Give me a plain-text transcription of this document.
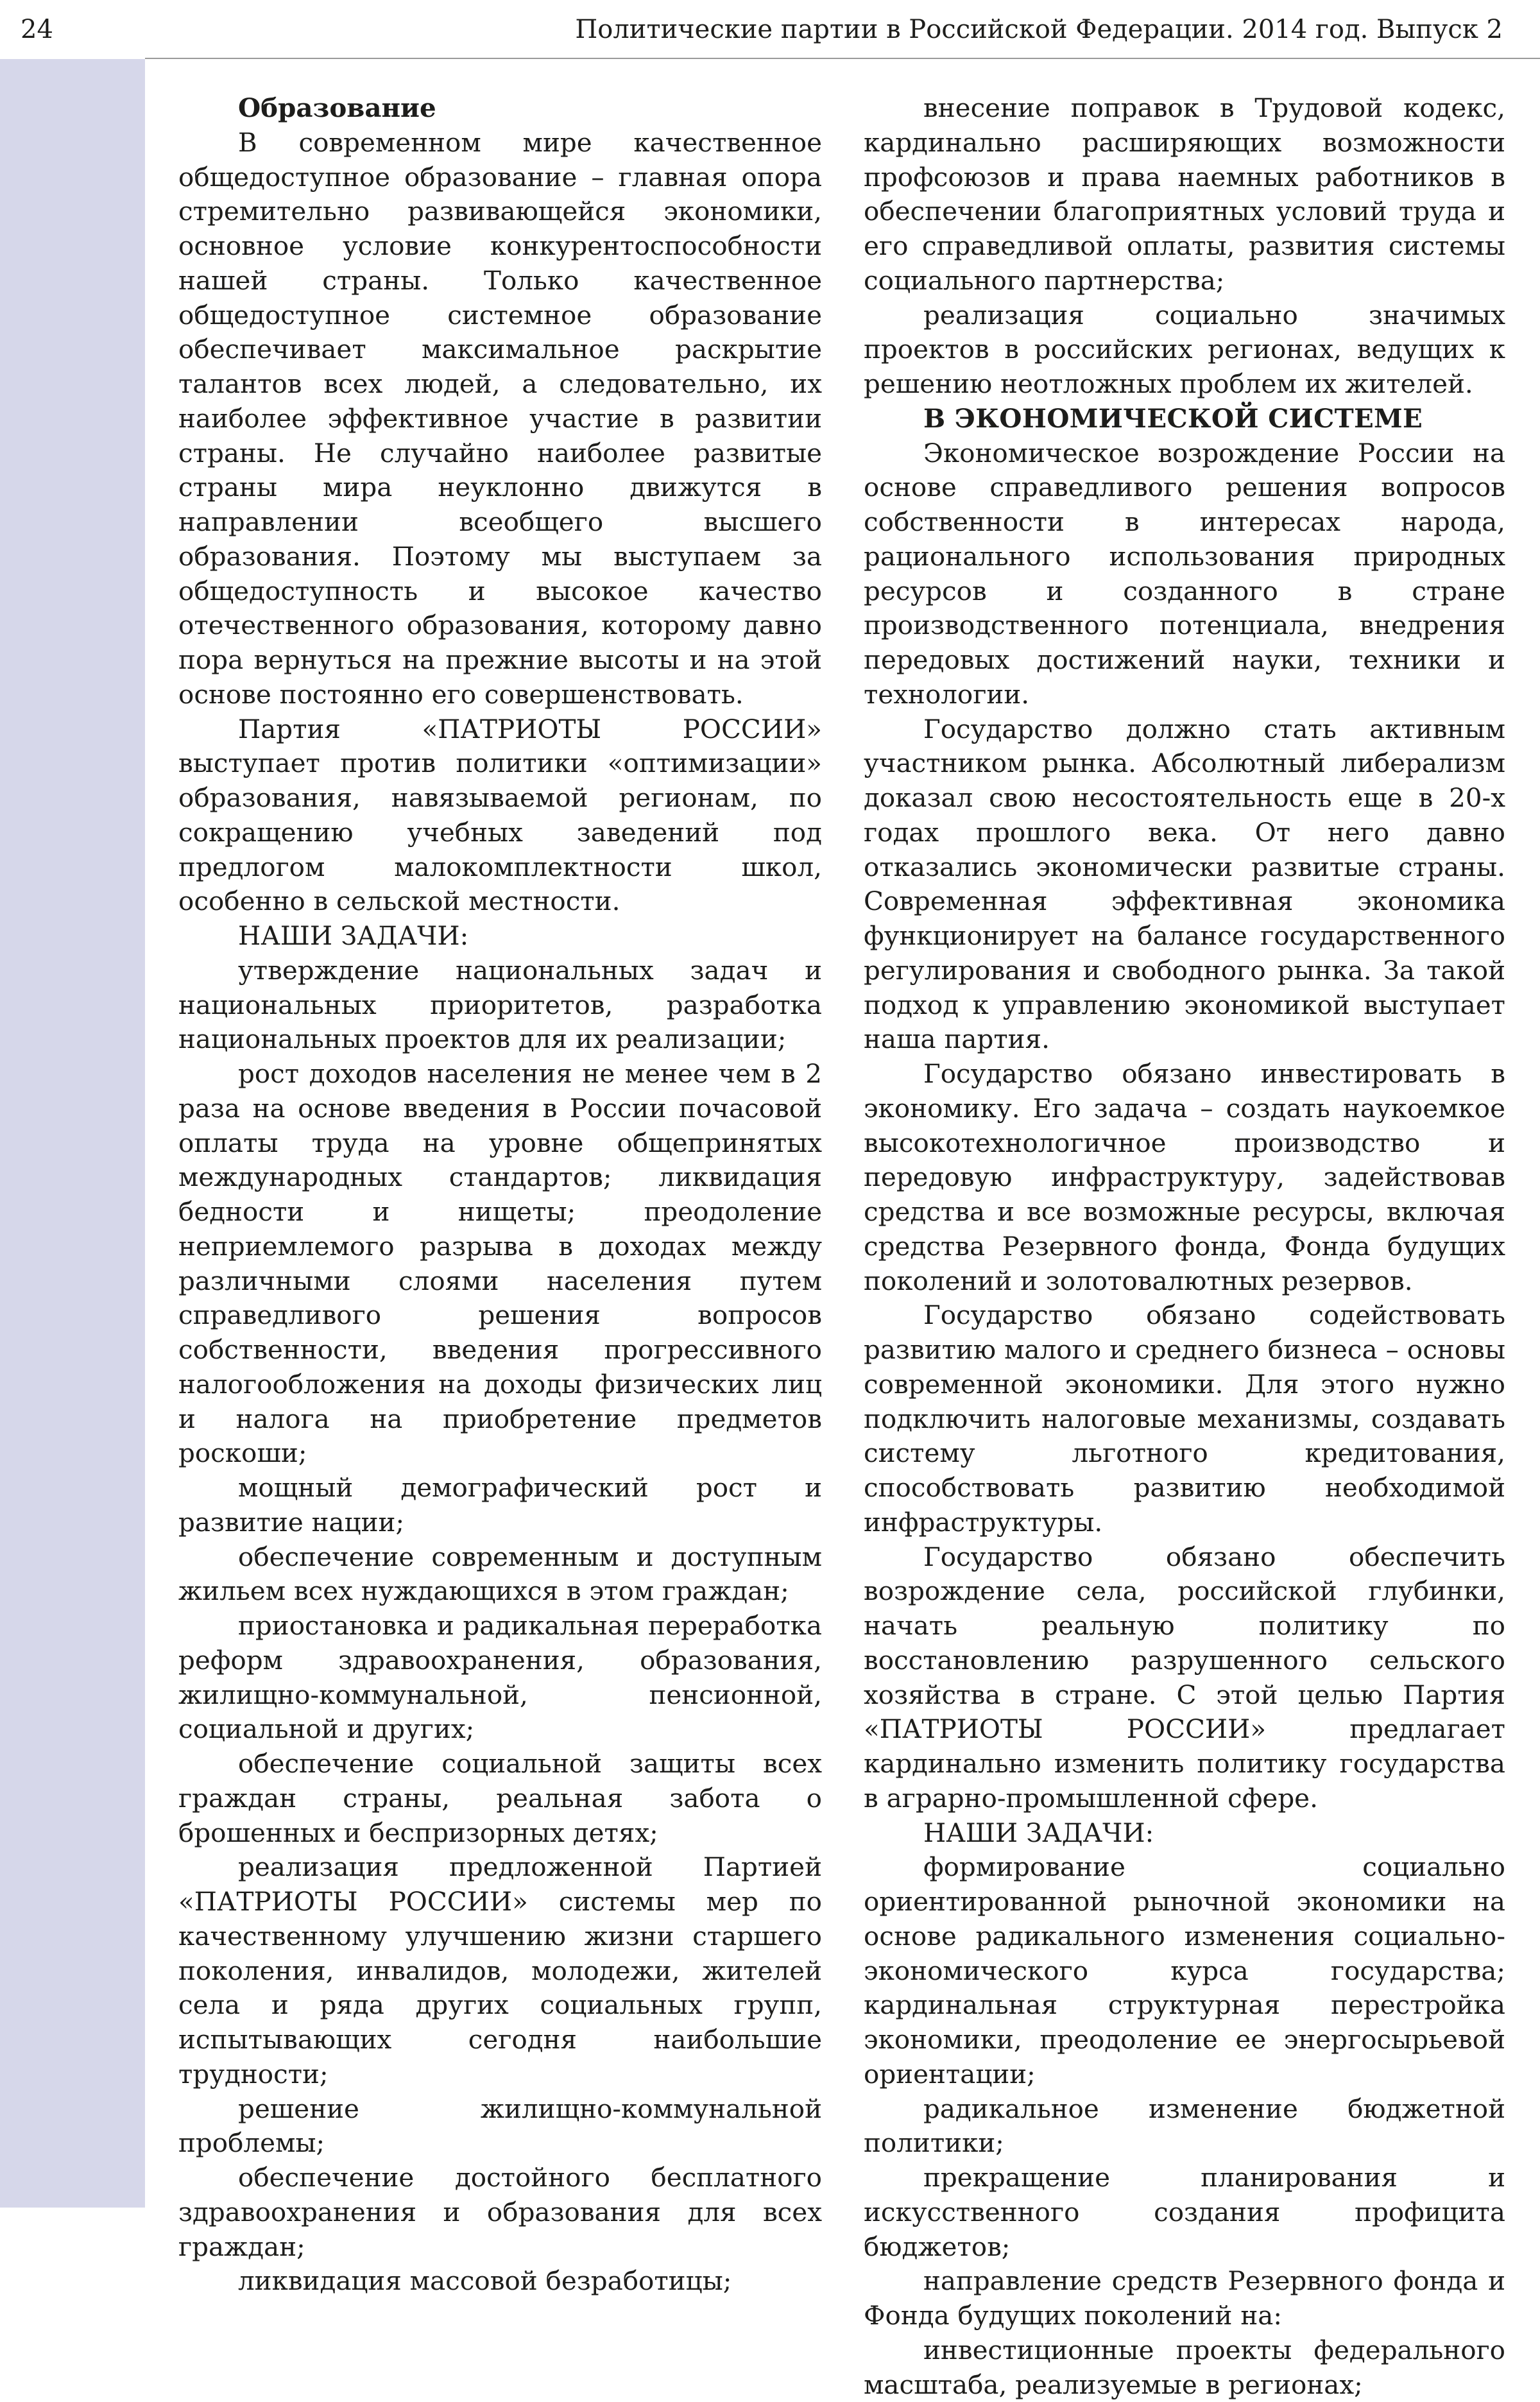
24	Политические партии в Российской Федерации. 2014 год. Выпуск 2
Образование

В современном мире качественное общедоступное образование – главная опора стремительно развивающейся экономики, основное условие конкурентоспособности нашей страны. Только качественное общедоступное системное образование обеспечивает максимальное раскрытие талантов всех людей, а следовательно, их наиболее эффективное участие в развитии страны. Не случайно наиболее развитые страны мира неуклонно движутся в направлении всеобщего высшего образования. Поэтому мы выступаем за общедоступность и высокое качество отечественного образования, которому давно пора вернуться на прежние высоты и на этой основе постоянно его совершенствовать.

Партия «ПАТРИОТЫ РОССИИ» выступает против политики «оптимизации» образования, навязываемой регионам, по сокращению учебных заведений под предлогом малокомплектности школ, особенно в сельской местности.

НАШИ ЗАДАЧИ:

утверждение национальных задач и национальных приоритетов, разработка национальных проектов для их реализации;

рост доходов населения не менее чем в 2 раза на основе введения в России почасовой оплаты труда на уровне общепринятых международных стандартов; ликвидация бедности и нищеты; преодоление неприемлемого разрыва в доходах между различными слоями населения путем справедливого решения вопросов собственности, введения прогрессивного налогообложения на доходы физических лиц и налога на приобретение предметов роскоши;

мощный демографический рост и развитие нации;

обеспечение современным и доступным жильем всех нуждающихся в этом граждан;

приостановка и радикальная переработка реформ здравоохранения, образования, жилищно-коммунальной, пенсионной, социальной и других;

обеспечение социальной защиты всех граждан страны, реальная забота о брошенных и беспризорных детях;

реализация предложенной Партией «ПАТРИОТЫ РОССИИ» системы мер по качественному улучшению жизни старшего поколения, инвалидов, молодежи, жителей села и ряда других социальных групп, испытывающих сегодня наибольшие трудности;

решение жилищно-коммунальной проблемы;

обеспечение достойного бесплатного здравоохранения и образования для всех граждан;

ликвидация массовой безработицы;

внесение поправок в Трудовой кодекс, кардинально расширяющих возможности профсоюзов и права наемных работников в обеспечении благоприятных условий труда и его справедливой оплаты, развития системы социального партнерства;

реализация социально значимых проектов в российских регионах, ведущих к решению неотложных проблем их жителей.

В ЭКОНОМИЧЕСКОЙ СИСТЕМЕ

Экономическое возрождение России на основе справедливого решения вопросов собственности в интересах народа, рационального использования природных ресурсов и созданного в стране производственного потенциала, внедрения передовых достижений науки, техники и технологии.

Государство должно стать активным участником рынка. Абсолютный либерализм доказал свою несостоятельность еще в 20-х годах прошлого века. От него давно отказались экономически развитые страны. Современная эффективная экономика функционирует на балансе государственного регулирования и свободного рынка. За такой подход к управлению экономикой выступает наша партия.

Государство обязано инвестировать в экономику. Его задача – создать наукоемкое высокотехнологичное производство и передовую инфраструктуру, задействовав средства и все возможные ресурсы, включая средства Резервного фонда, Фонда будущих поколений и золотовалютных резервов.

Государство обязано содействовать развитию малого и среднего бизнеса – основы современной экономики. Для этого нужно подключить налоговые механизмы, создавать систему льготного кредитования, способствовать развитию необходимой инфраструктуры.

Государство обязано обеспечить возрождение села, российской глубинки, начать реальную политику по восстановлению разрушенного сельского хозяйства в стране. С этой целью Партия «ПАТРИОТЫ РОССИИ» предлагает кардинально изменить политику государства в аграрно-промышленной сфере.

НАШИ ЗАДАЧИ:

формирование социально ориентированной рыночной экономики на основе радикального изменения социально-экономического курса государства; кардинальная структурная перестройка экономики, преодоление ее энергосырьевой ориентации;

радикальное изменение бюджетной политики;

прекращение планирования и искусственного создания профицита бюджетов;

направление средств Резервного фонда и Фонда будущих поколений на:

инвестиционные проекты федерального масштаба, реализуемые в регионах;
